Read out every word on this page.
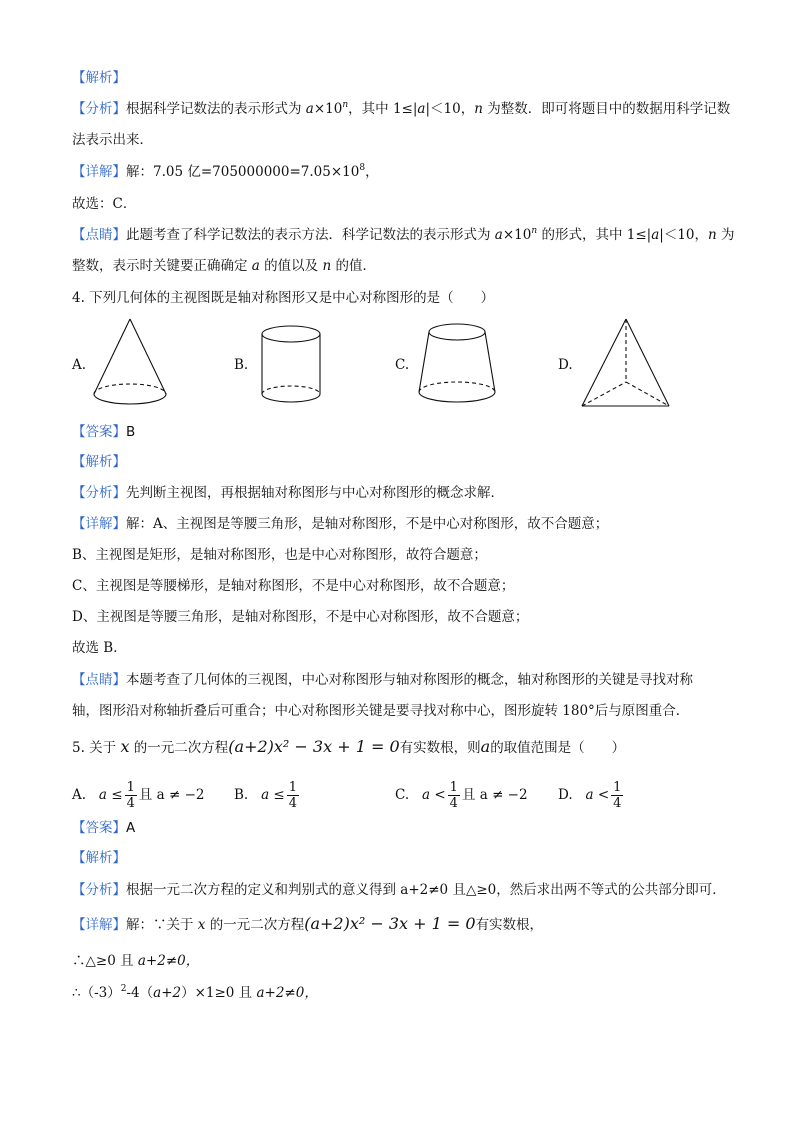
【解析】
【分析】根据科学记数法的表示形式为 $a\times 10^n$，其中 1≤|a|＜10，n 为整数．即可将题目中的数据用科学记数
法表示出来．
【详解】解：7.05 亿$=705000000=7.05\times 10^8$，
故选：C．
【点睛】此题考查了科学记数法的表示方法．科学记数法的表示形式为 $a\times 10^n$ 的形式，其中 1≤|a|＜10，n 为
整数，表示时关键要正确确定 a 的值以及 n 的值．
4. 下列几何体的主视图既是轴对称图形又是中心对称图形的是（　　）
A.	B.	C.	D.
【答案】B
【解析】
【分析】先判断主视图，再根据轴对称图形与中心对称图形的概念求解．
【详解】解：A、主视图是等腰三角形，是轴对称图形，不是中心对称图形，故不合题意；
B、主视图是矩形，是轴对称图形，也是中心对称图形，故符合题意；
C、主视图是等腰梯形，是轴对称图形，不是中心对称图形，故不合题意；
D、主视图是等腰三角形，是轴对称图形，不是中心对称图形，故不合题意；
故选 B．
【点睛】本题考查了几何体的三视图，中心对称图形与轴对称图形的概念，轴对称图形的关键是寻找对称
轴，图形沿对称轴折叠后可重合；中心对称图形关键是要寻找对称中心，图形旋转 180°后与原图重合．
5. 关于 x 的一元二次方程(a+2)x² − 3x + 1 = 0有实数根，则a的取值范围是（　　）
A. $a \le \frac{1}{4}$ 且 a ≠ −2 B. $a \le \frac{1}{4}$	C. $a < \frac{1}{4}$ 且 a ≠ −2 D. $a < \frac{1}{4}$
【答案】A
【解析】
【分析】根据一元二次方程的定义和判别式的意义得到 a+2≠0 且△≥0，然后求出两不等式的公共部分即可．
【详解】解：∵关于 x 的一元二次方程(a+2)x² − 3x + 1 = 0有实数根，
∴△≥0 且 a+2≠0，
$\therefore(-3)^2-4(a+2)\times 1\ge 0$ 且 a+2≠0，
